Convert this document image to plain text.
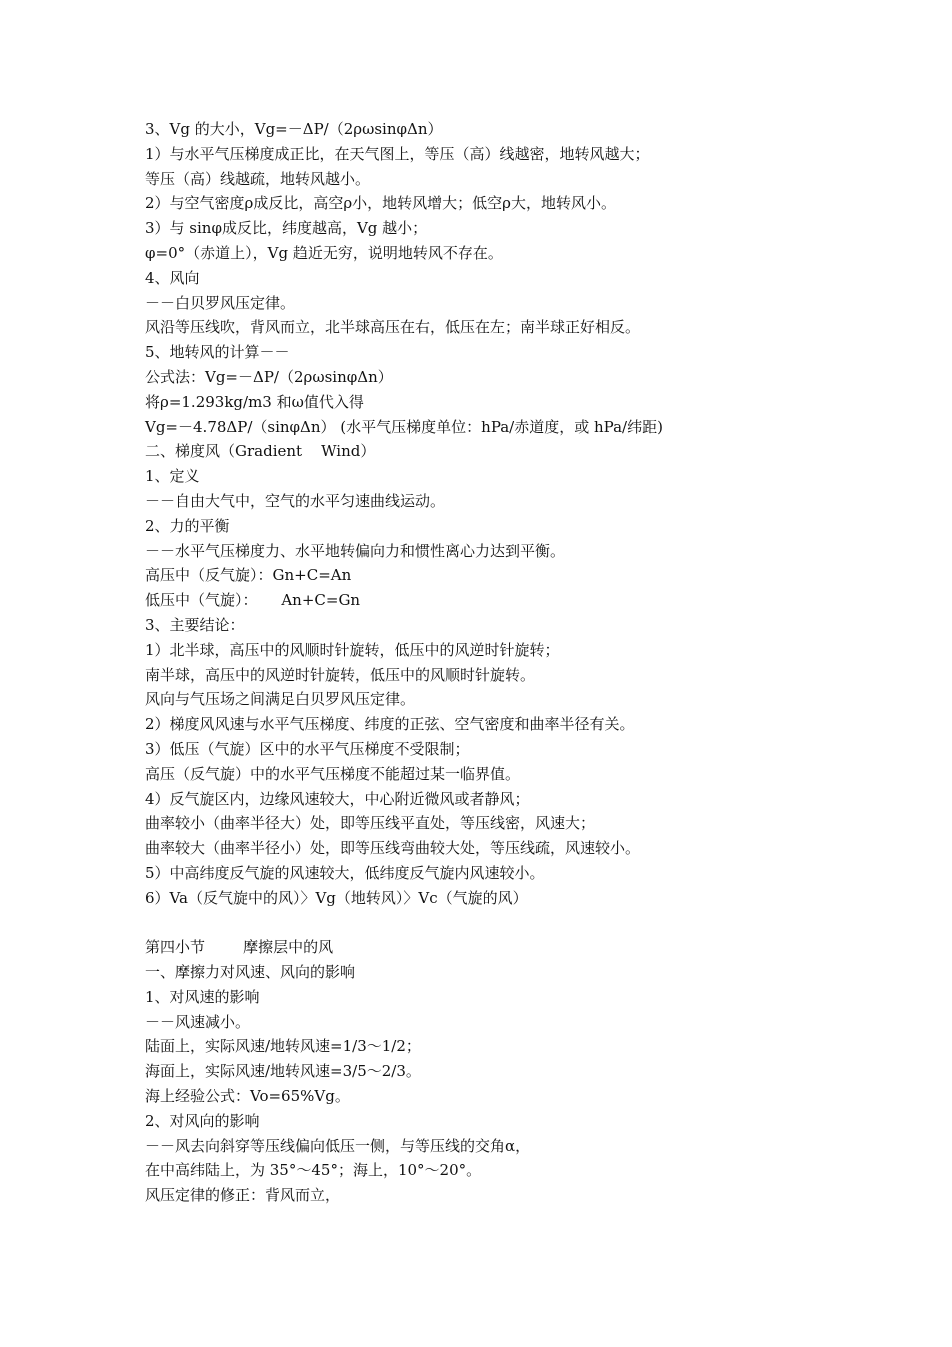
3、Vg 的大小，Vg=－ΔP/（2ρωsinφΔn）
1）与水平气压梯度成正比，在天气图上，等压（高）线越密，地转风越大；
等压（高）线越疏，地转风越小。
2）与空气密度ρ成反比，高空ρ小，地转风增大；低空ρ大，地转风小。
3）与 sinφ成反比，纬度越高，Vg 越小；
φ=0°（赤道上），Vg 趋近无穷，说明地转风不存在。
4、风向
－－白贝罗风压定律。
风沿等压线吹，背风而立，北半球高压在右，低压在左；南半球正好相反。
5、地转风的计算－－
公式法：Vg=－ΔP/（2ρωsinφΔn）
将ρ=1.293kg/m3 和ω值代入得
Vg=－4.78ΔP/（sinφΔn） (水平气压梯度单位：hPa/赤道度，或 hPa/纬距)
二、梯度风（Gradient    Wind）
1、定义
－－自由大气中，空气的水平匀速曲线运动。
2、力的平衡
－－水平气压梯度力、水平地转偏向力和惯性离心力达到平衡。
高压中（反气旋）：Gn+C=An
低压中（气旋）：     An+C=Gn
3、主要结论：
1）北半球，高压中的风顺时针旋转，低压中的风逆时针旋转；
南半球，高压中的风逆时针旋转，低压中的风顺时针旋转。
风向与气压场之间满足白贝罗风压定律。
2）梯度风风速与水平气压梯度、纬度的正弦、空气密度和曲率半径有关。
3）低压（气旋）区中的水平气压梯度不受限制；
高压（反气旋）中的水平气压梯度不能超过某一临界值。
4）反气旋区内，边缘风速较大，中心附近微风或者静风；
曲率较小（曲率半径大）处，即等压线平直处，等压线密，风速大；
曲率较大（曲率半径小）处，即等压线弯曲较大处，等压线疏，风速较小。
5）中高纬度反气旋的风速较大，低纬度反气旋内风速较小。
6）Va（反气旋中的风）〉Vg（地转风）〉Vc（气旋的风）
第四小节        摩擦层中的风
一、摩擦力对风速、风向的影响
1、对风速的影响
－－风速减小。
陆面上，实际风速/地转风速=1/3～1/2；
海面上，实际风速/地转风速=3/5～2/3。
海上经验公式：Vo=65%Vg。
2、对风向的影响
－－风去向斜穿等压线偏向低压一侧，与等压线的交角α，
在中高纬陆上，为 35°～45°；海上，10°～20°。
风压定律的修正：背风而立，
